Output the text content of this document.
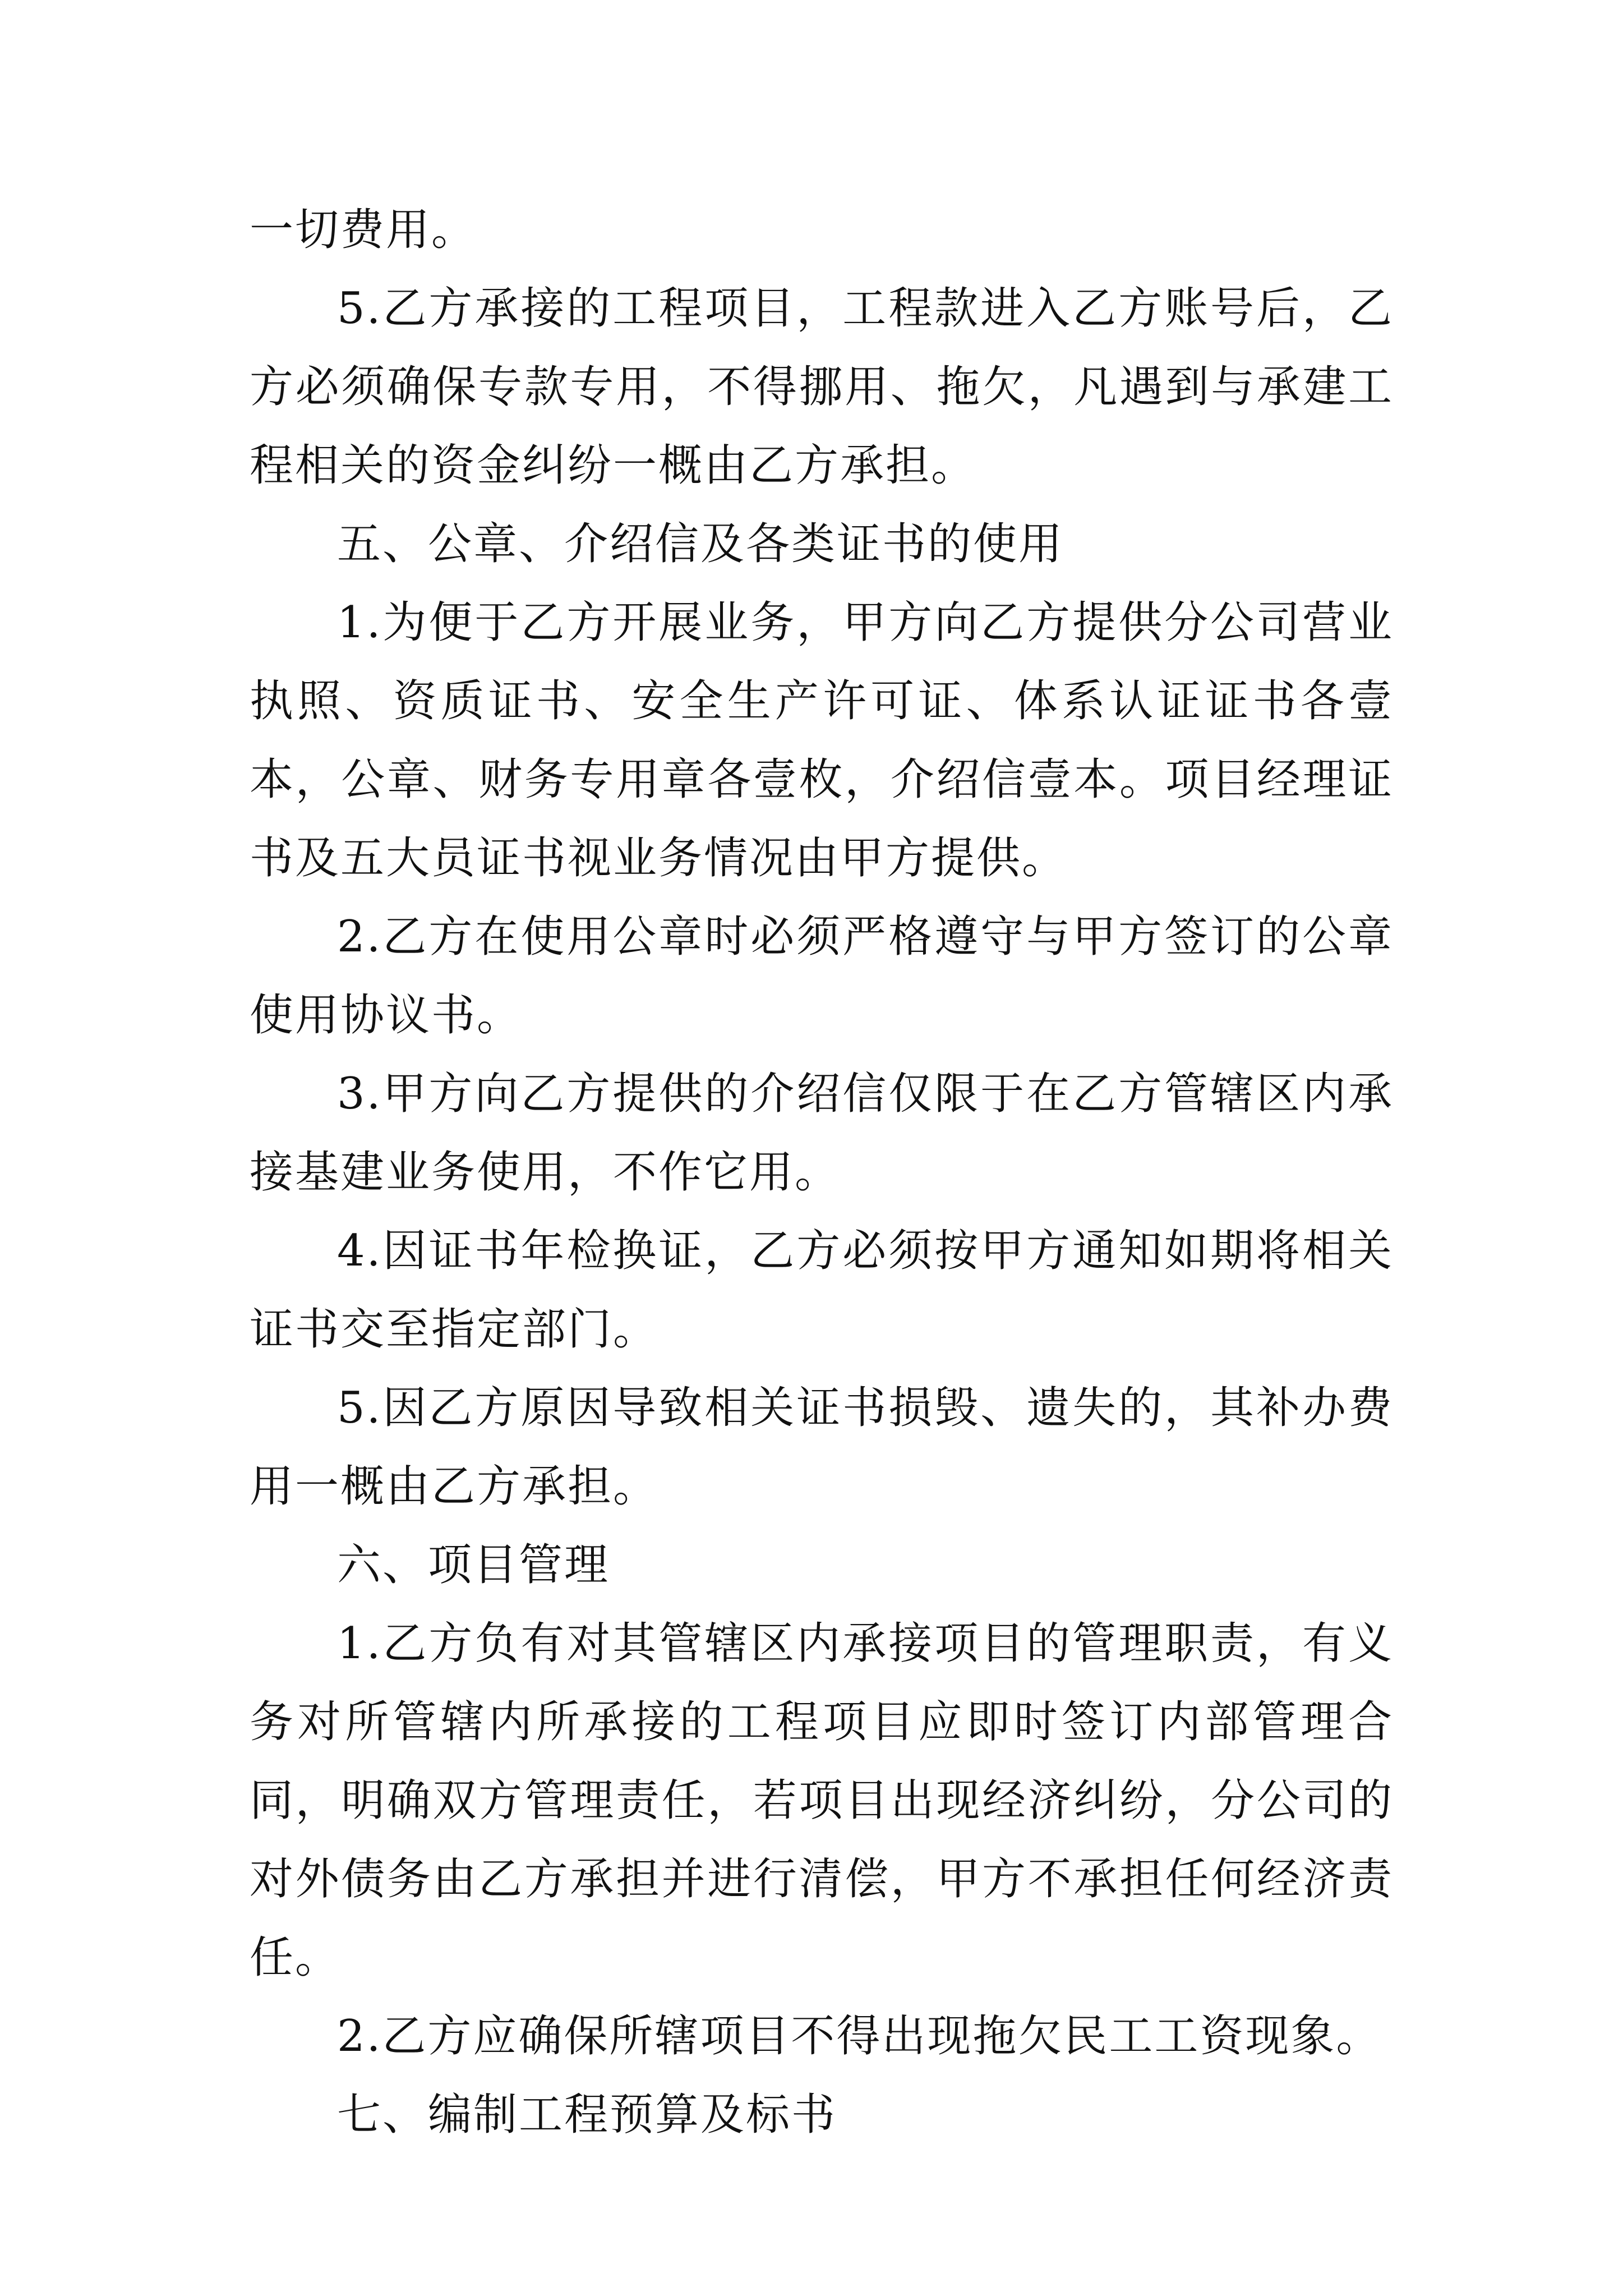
一切费用。

5.乙方承接的工程项目，工程款进入乙方账号后，乙方必须确保专款专用，不得挪用、拖欠，凡遇到与承建工程相关的资金纠纷一概由乙方承担。

五、公章、介绍信及各类证书的使用

1.为便于乙方开展业务，甲方向乙方提供分公司营业执照、资质证书、安全生产许可证、体系认证证书各壹本，公章、财务专用章各壹枚，介绍信壹本。项目经理证书及五大员证书视业务情况由甲方提供。

2.乙方在使用公章时必须严格遵守与甲方签订的公章使用协议书。

3.甲方向乙方提供的介绍信仅限于在乙方管辖区内承接基建业务使用，不作它用。

4.因证书年检换证，乙方必须按甲方通知如期将相关证书交至指定部门。

5.因乙方原因导致相关证书损毁、遗失的，其补办费用一概由乙方承担。

六、项目管理

1.乙方负有对其管辖区内承接项目的管理职责，有义务对所管辖内所承接的工程项目应即时签订内部管理合同，明确双方管理责任，若项目出现经济纠纷，分公司的对外债务由乙方承担并进行清偿，甲方不承担任何经济责任。

2.乙方应确保所辖项目不得出现拖欠民工工资现象。

七、编制工程预算及标书
